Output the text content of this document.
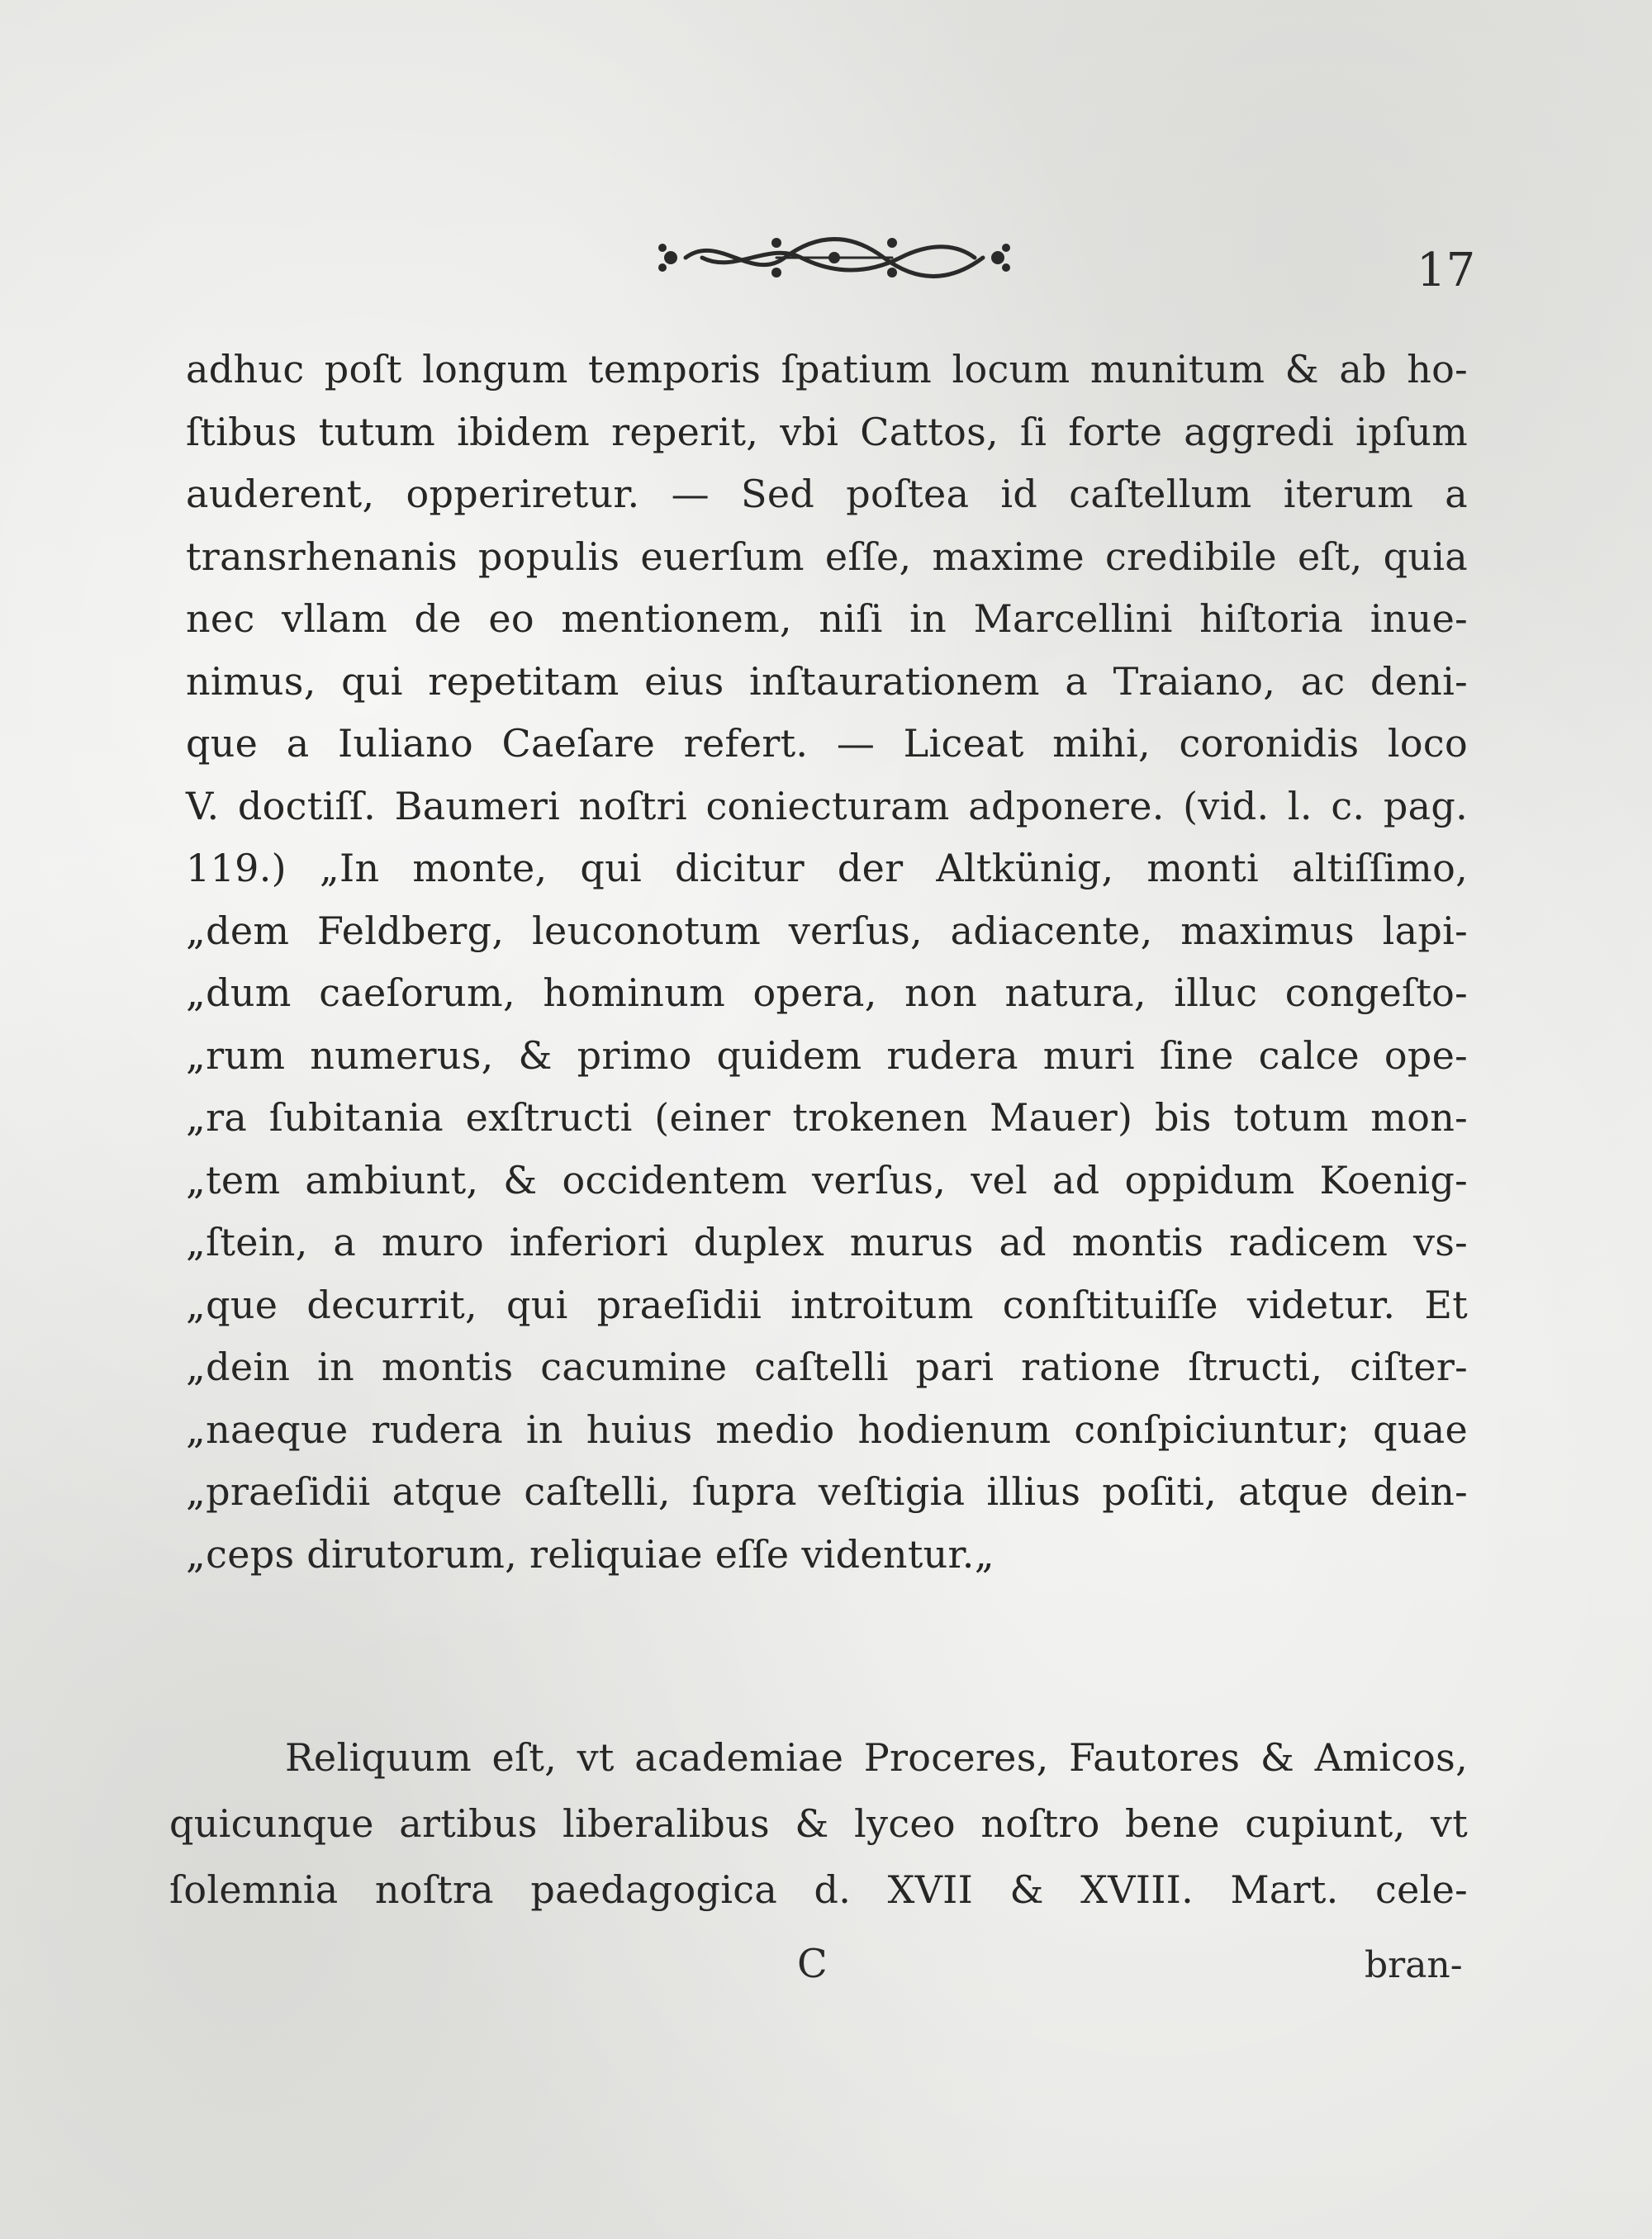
17
adhuc poſt longum temporis ſpatium locum munitum & ab ho-
ſtibus tutum ibidem reperit, vbi Cattos, ſi forte aggredi ipſum
auderent, opperiretur. — Sed poſtea id caſtellum iterum a
transrhenanis populis euerſum eſſe, maxime credibile eſt, quia
nec vllam de eo mentionem, niſi in Marcellini hiſtoria inue-
nimus, qui repetitam eius inſtaurationem a Traiano, ac deni-
que a Iuliano Caeſare refert. — Liceat mihi, coronidis loco
V. doctiſſ. Baumeri noſtri coniecturam adponere. (vid. l. c. pag.
119.) „In monte, qui dicitur der Altkünig, monti altiſſimo,
„dem Feldberg, leuconotum verſus, adiacente, maximus lapi-
„dum caeſorum, hominum opera, non natura, illuc congeſto-
„rum numerus, & primo quidem rudera muri ſine calce ope-
„ra ſubitania exſtructi (einer trokenen Mauer) bis totum mon-
„tem ambiunt, & occidentem verſus, vel ad oppidum Koenig-
„ſtein, a muro inferiori duplex murus ad montis radicem vs-
„que decurrit, qui praeſidii introitum conſtituiſſe videtur. Et
„dein in montis cacumine caſtelli pari ratione ſtructi, ciſter-
„naeque rudera in huius medio hodienum conſpiciuntur; quae
„praeſidii atque caſtelli, ſupra veſtigia illius poſiti, atque dein-
„ceps dirutorum, reliquiae eſſe videntur.„
Reliquum eſt, vt academiae Proceres, Fautores & Amicos,
quicunque artibus liberalibus & lyceo noſtro bene cupiunt, vt
ſolemnia noſtra paedagogica d. XVII & XVIII. Mart. cele-
C	bran-
